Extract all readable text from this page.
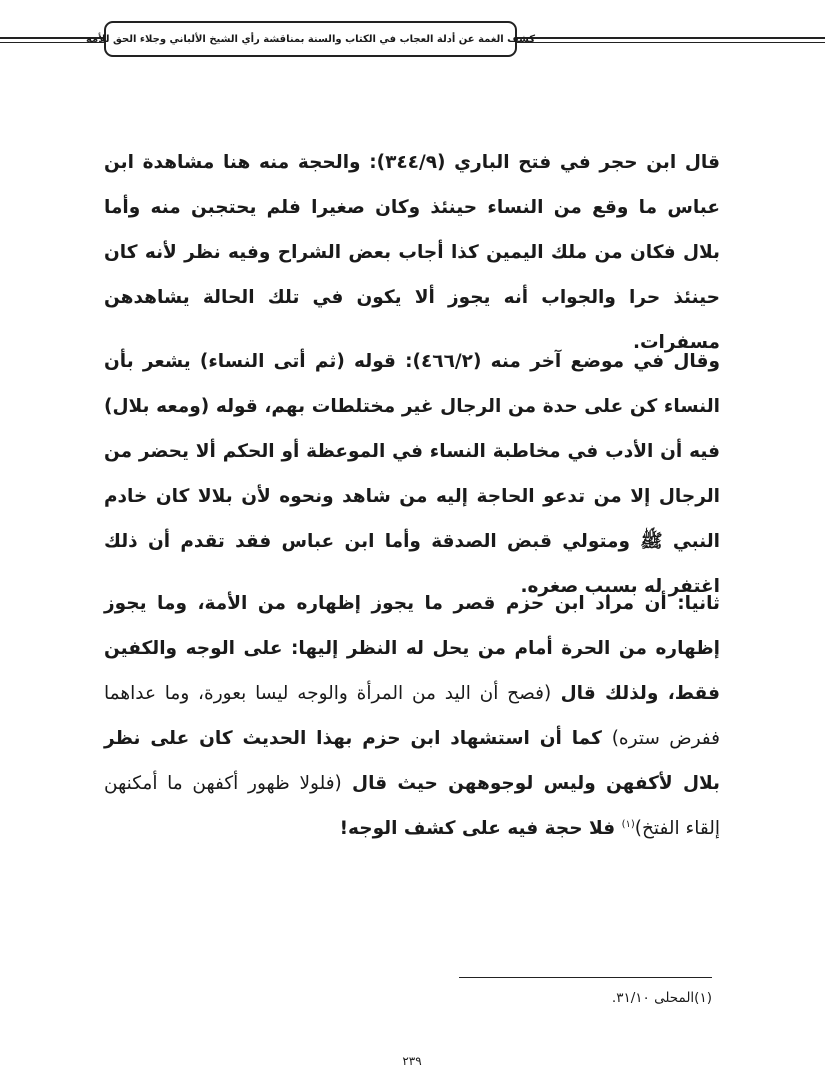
كشف الغمة عن أدلة العجاب في الكتاب والسنة بمناقشة رأي الشيخ الألباني وجلاء الحق للأمة

قال ابن حجر في فتح الباري (٣٤٤/٩): والحجة منه هنا مشاهدة ابن عباس ما وقع من النساء حينئذ وكان صغيرا فلم يحتجبن منه وأما بلال فكان من ملك اليمين كذا أجاب بعض الشراح وفيه نظر لأنه كان حينئذ حرا والجواب أنه يجوز ألا يكون في تلك الحالة يشاهدهن مسفرات.

وقال في موضع آخر منه (٤٦٦/٢): قوله (ثم أتى النساء) يشعر بأن النساء كن على حدة من الرجال غير مختلطات بهم، قوله (ومعه بلال) فيه أن الأدب في مخاطبة النساء في الموعظة أو الحكم ألا يحضر من الرجال إلا من تدعو الحاجة إليه من شاهد ونحوه لأن بلالا كان خادم النبي ﷺ ومتولي قبض الصدقة وأما ابن عباس فقد تقدم أن ذلك اغتفر له بسبب صغره.

ثانيا: أن مراد ابن حزم قصر ما يجوز إظهاره من الأمة، وما يجوز إظهاره من الحرة أمام من يحل له النظر إليها: على الوجه والكفين فقط، ولذلك قال (فصح أن اليد من المرأة والوجه ليسا بعورة، وما عداهما ففرض ستره) كما أن استشهاد ابن حزم بهذا الحديث كان على نظر بلال لأكفهن وليس لوجوههن حيث قال (فلولا ظهور أكفهن ما أمكنهن إلقاء الفتخ)$^{(١)}$ فلا حجة فيه على كشف الوجه!

(١)المحلى ٣١/١٠.
٢٣٩
